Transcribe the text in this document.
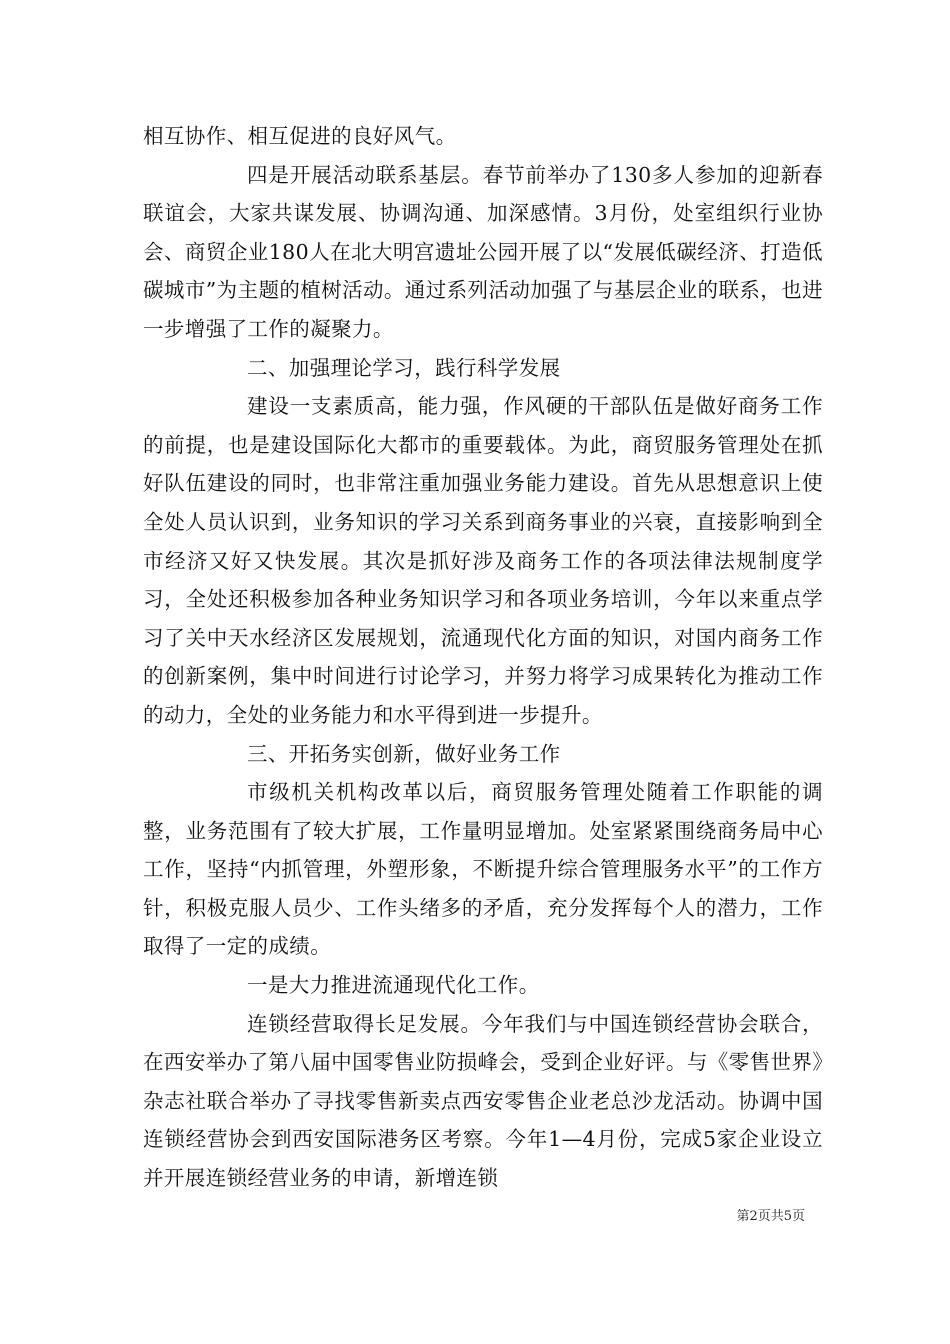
相互协作、相互促进的良好风气。

四是开展活动联系基层。春节前举办了130多人参加的迎新春联谊会，大家共谋发展、协调沟通、加深感情。3月份，处室组织行业协会、商贸企业180人在北大明宫遗址公园开展了以“发展低碳经济、打造低碳城市”为主题的植树活动。通过系列活动加强了与基层企业的联系，也进一步增强了工作的凝聚力。

二、加强理论学习，践行科学发展

建设一支素质高，能力强，作风硬的干部队伍是做好商务工作的前提，也是建设国际化大都市的重要载体。为此，商贸服务管理处在抓好队伍建设的同时，也非常注重加强业务能力建设。首先从思想意识上使全处人员认识到，业务知识的学习关系到商务事业的兴衰，直接影响到全市经济又好又快发展。其次是抓好涉及商务工作的各项法律法规制度学习，全处还积极参加各种业务知识学习和各项业务培训，今年以来重点学习了关中天水经济区发展规划，流通现代化方面的知识，对国内商务工作的创新案例，集中时间进行讨论学习，并努力将学习成果转化为推动工作的动力，全处的业务能力和水平得到进一步提升。

三、开拓务实创新，做好业务工作

市级机关机构改革以后，商贸服务管理处随着工作职能的调整，业务范围有了较大扩展，工作量明显增加。处室紧紧围绕商务局中心工作，坚持“内抓管理，外塑形象，不断提升综合管理服务水平”的工作方针，积极克服人员少、工作头绪多的矛盾，充分发挥每个人的潜力，工作取得了一定的成绩。

一是大力推进流通现代化工作。

连锁经营取得长足发展。今年我们与中国连锁经营协会联合，在西安举办了第八届中国零售业防损峰会，受到企业好评。与《零售世界》杂志社联合举办了寻找零售新卖点西安零售企业老总沙龙活动。协调中国连锁经营协会到西安国际港务区考察。今年1—4月份，完成5家企业设立并开展连锁经营业务的申请，新增连锁

第2页共5页
